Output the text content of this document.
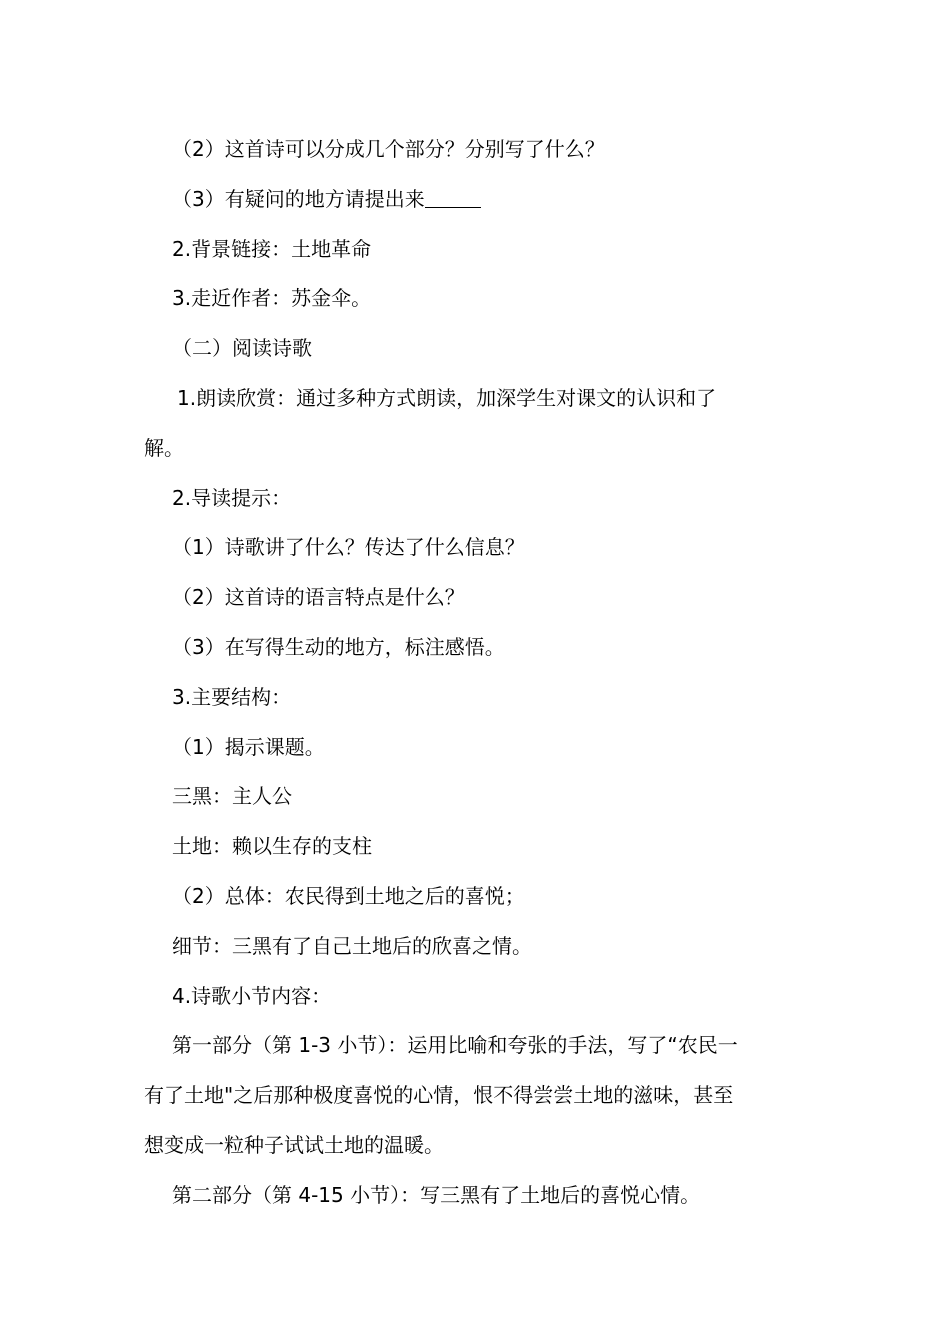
（2）这首诗可以分成几个部分？分别写了什么？
（3）有疑问的地方请提出来
2.背景链接：土地革命
3.走近作者：苏金伞。
（二）阅读诗歌
1.朗读欣赏：通过多种方式朗读，加深学生对课文的认识和了
解。
2.导读提示：
（1）诗歌讲了什么？传达了什么信息？
（2）这首诗的语言特点是什么？
（3）在写得生动的地方，标注感悟。
3.主要结构：
（1）揭示课题。
三黑：主人公
土地：赖以生存的支柱
（2）总体：农民得到土地之后的喜悦；
细节：三黑有了自己土地后的欣喜之情。
4.诗歌小节内容：
第一部分（第 1-3 小节）：运用比喻和夸张的手法，写了“农民一
有了土地"之后那种极度喜悦的心情，恨不得尝尝土地的滋味，甚至
想变成一粒种子试试土地的温暖。
第二部分（第 4-15 小节）：写三黑有了土地后的喜悦心情。
